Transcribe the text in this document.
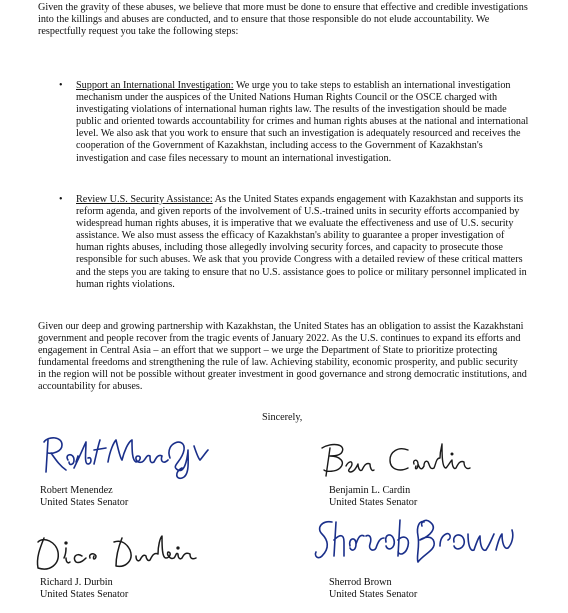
Given the gravity of these abuses, we believe that more must be done to ensure that effective and credible investigations into the killings and abuses are conducted, and to ensure that those responsible do not elude accountability. We respectfully request you take the following steps:

• Support an International Investigation: We urge you to take steps to establish an international investigation mechanism under the auspices of the United Nations Human Rights Council or the OSCE charged with investigating violations of international human rights law. The results of the investigation should be made public and oriented towards accountability for crimes and human rights abuses at the national and international level. We also ask that you work to ensure that such an investigation is adequately resourced and receives the cooperation of the Government of Kazakhstan, including access to the Government of Kazakhstan's investigation and case files necessary to mount an international investigation.
• Review U.S. Security Assistance: As the United States expands engagement with Kazakhstan and supports its reform agenda, and given reports of the involvement of U.S.-trained units in security efforts accompanied by widespread human rights abuses, it is imperative that we evaluate the effectiveness and use of U.S. security assistance. We also must assess the efficacy of Kazakhstan's ability to guarantee a proper investigation of human rights abuses, including those allegedly involving security forces, and capacity to prosecute those responsible for such abuses. We ask that you provide Congress with a detailed review of these critical matters and the steps you are taking to ensure that no U.S. assistance goes to police or military personnel implicated in human rights violations.

Given our deep and growing partnership with Kazakhstan, the United States has an obligation to assist the Kazakhstani government and people recover from the tragic events of January 2022. As the U.S. continues to expand its efforts and engagement in Central Asia – an effort that we support – we urge the Department of State to prioritize protecting fundamental freedoms and strengthening the rule of law. Achieving stability, economic prosperity, and public security in the region will not be possible without greater investment in good governance and strong democratic institutions, and accountability for abuses.

Sincerely,
Robert Menendez
United States Senator
Benjamin L. Cardin
United States Senator
Richard J. Durbin
United States Senator
Sherrod Brown
United States Senator
